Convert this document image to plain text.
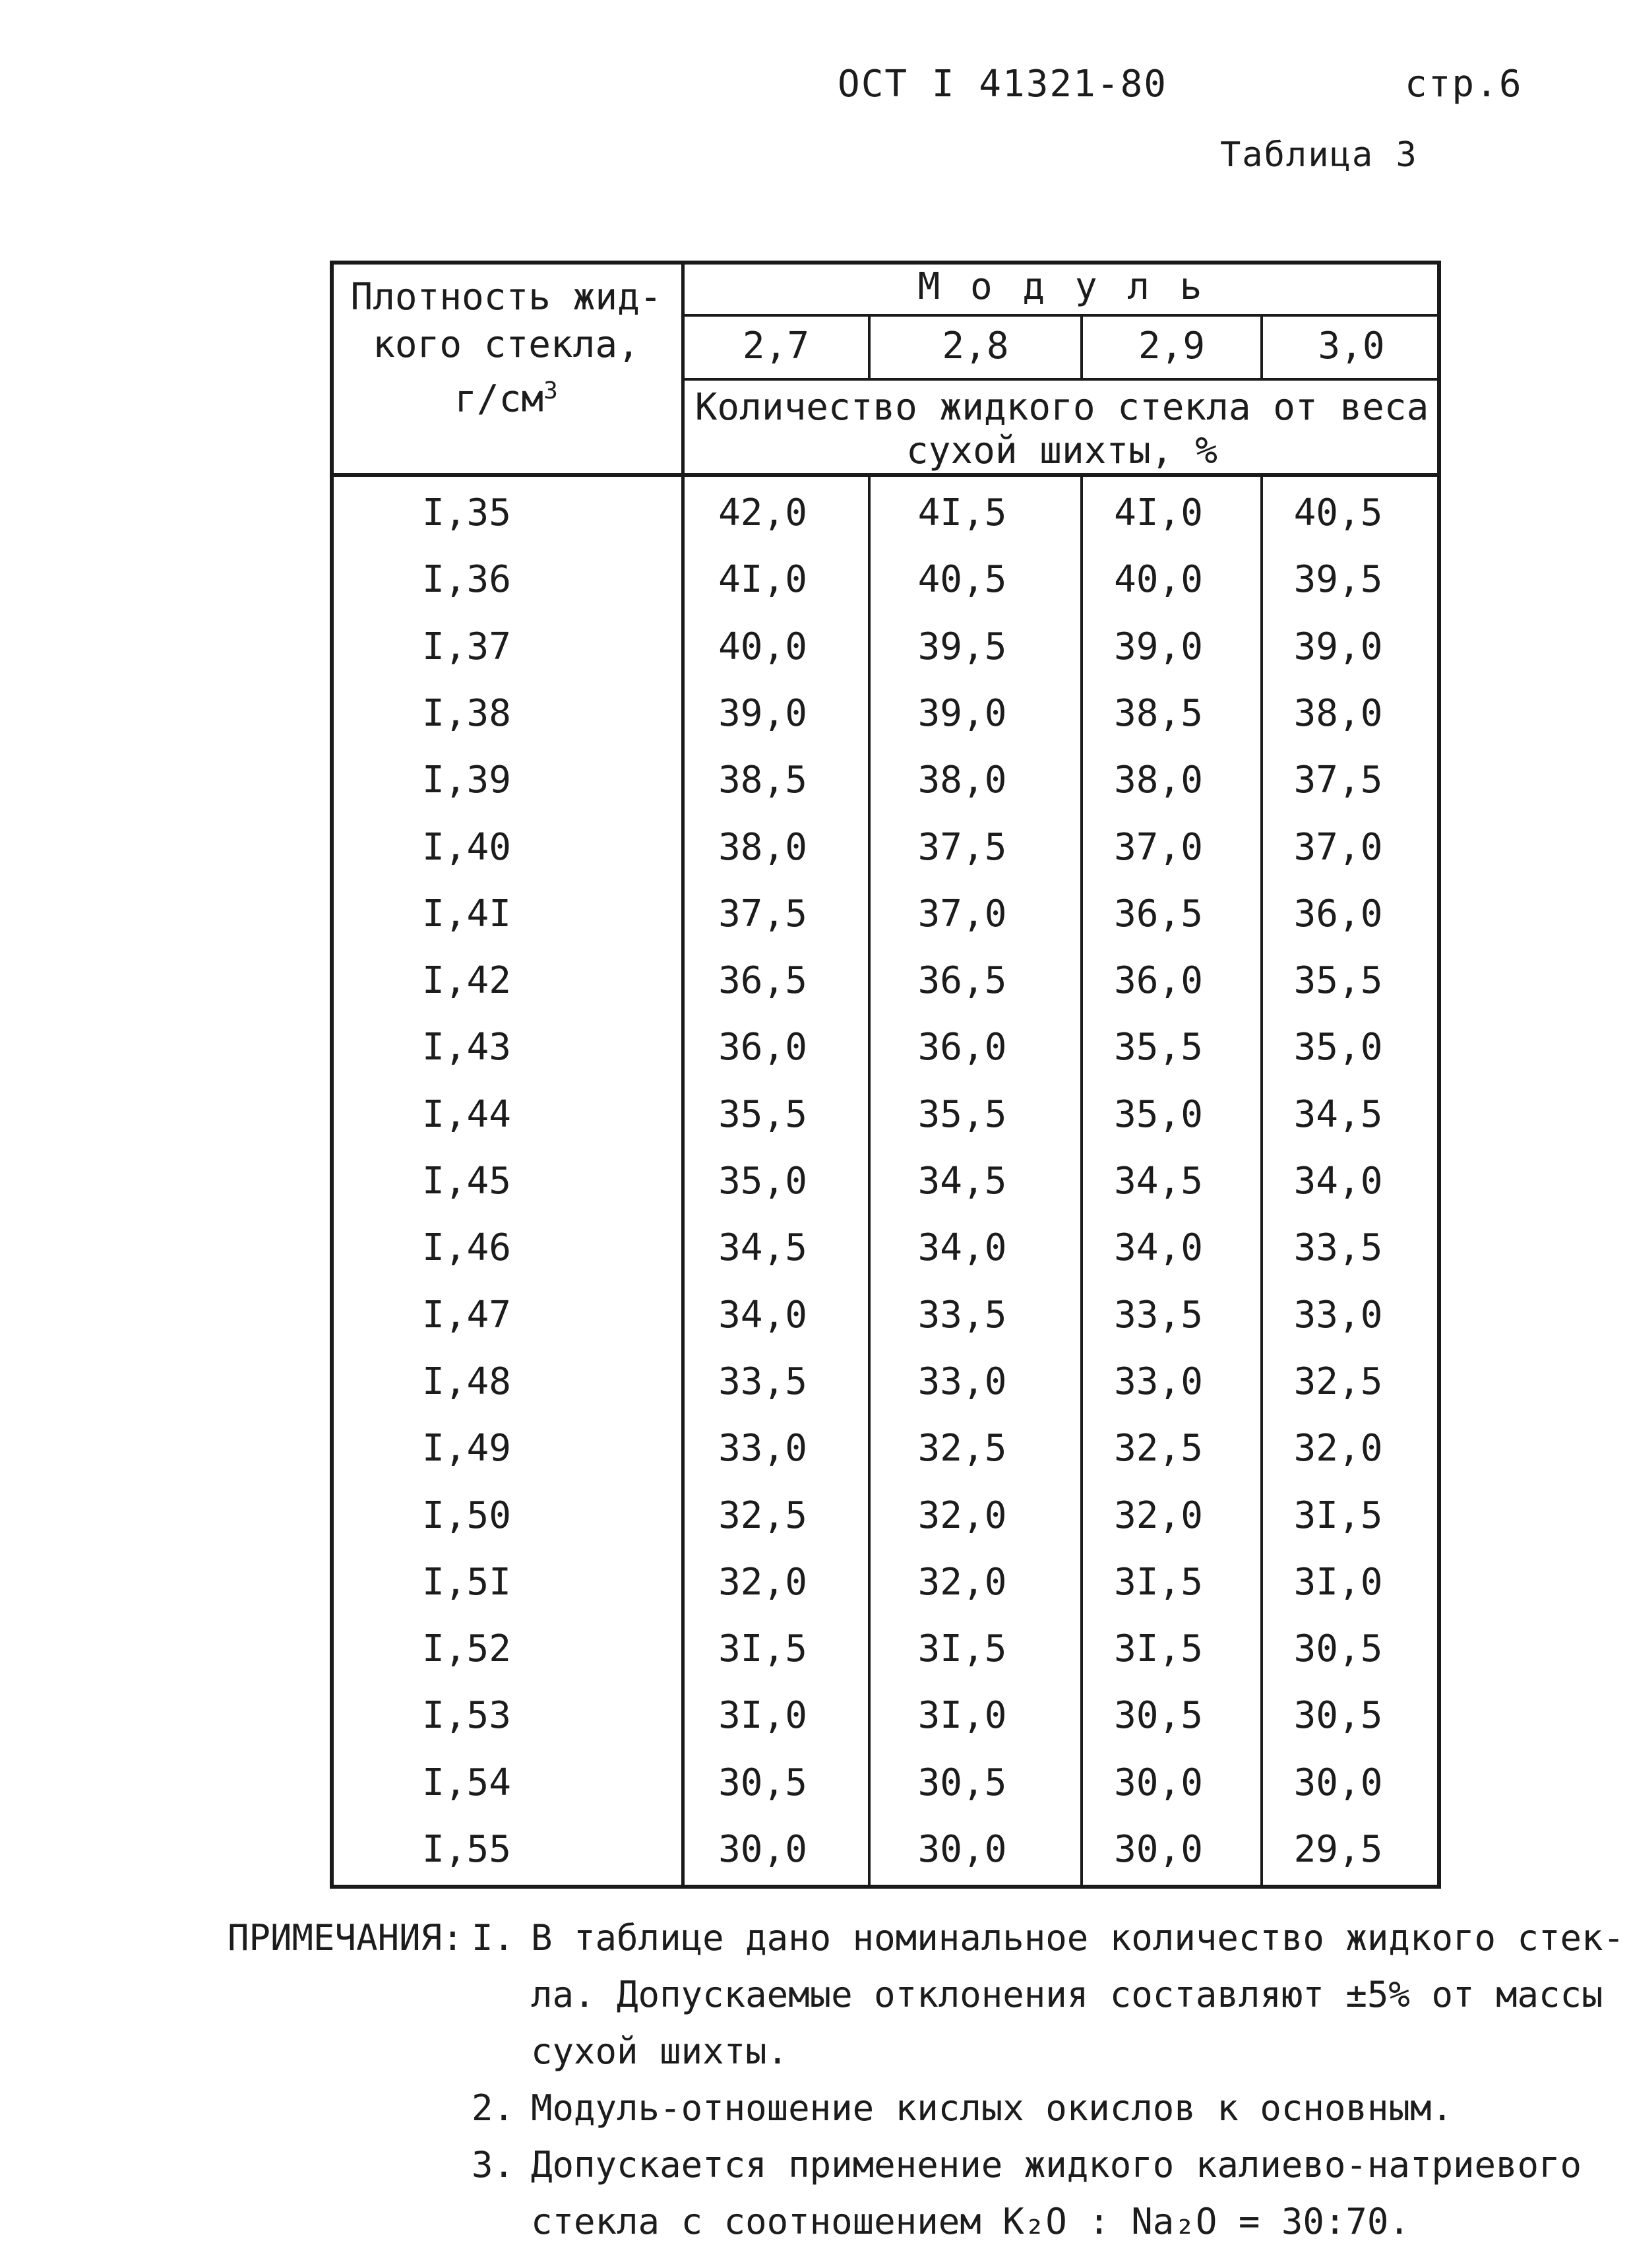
ОСТ I 41321-80	стр.6
Таблица 3
ПРИМЕЧАНИЯ: I. В таблице дано номинальное количество жидкого стек-
ла. Допускаемые отклонения составляют ±5% от массы
сухой шихты.
2. Модуль-отношение кислых окислов к основным.
3. Допускается применение жидкого калиево-натриевого
стекла с соотношением K₂O : Na₂O = 30:70.
Плотность жид-
кого стекла,
$г/см^3$
М о д у л ь
2,7	2,8	2,9	3,0
Количество жидкого стекла от веса
сухой шихты, %
I,35	42,0	4I,5	4I,0	40,5
I,36	4I,0	40,5	40,0	39,5
I,37	40,0	39,5	39,0	39,0
I,38	39,0	39,0	38,5	38,0
I,39	38,5	38,0	38,0	37,5
I,40	38,0	37,5	37,0	37,0
I,4I	37,5	37,0	36,5	36,0
I,42	36,5	36,5	36,0	35,5
I,43	36,0	36,0	35,5	35,0
I,44	35,5	35,5	35,0	34,5
I,45	35,0	34,5	34,5	34,0
I,46	34,5	34,0	34,0	33,5
I,47	34,0	33,5	33,5	33,0
I,48	33,5	33,0	33,0	32,5
I,49	33,0	32,5	32,5	32,0
I,50	32,5	32,0	32,0	3I,5
I,5I	32,0	32,0	3I,5	3I,0
I,52	3I,5	3I,5	3I,5	30,5
I,53	3I,0	3I,0	30,5	30,5
I,54	30,5	30,5	30,0	30,0
I,55	30,0	30,0	30,0	29,5
